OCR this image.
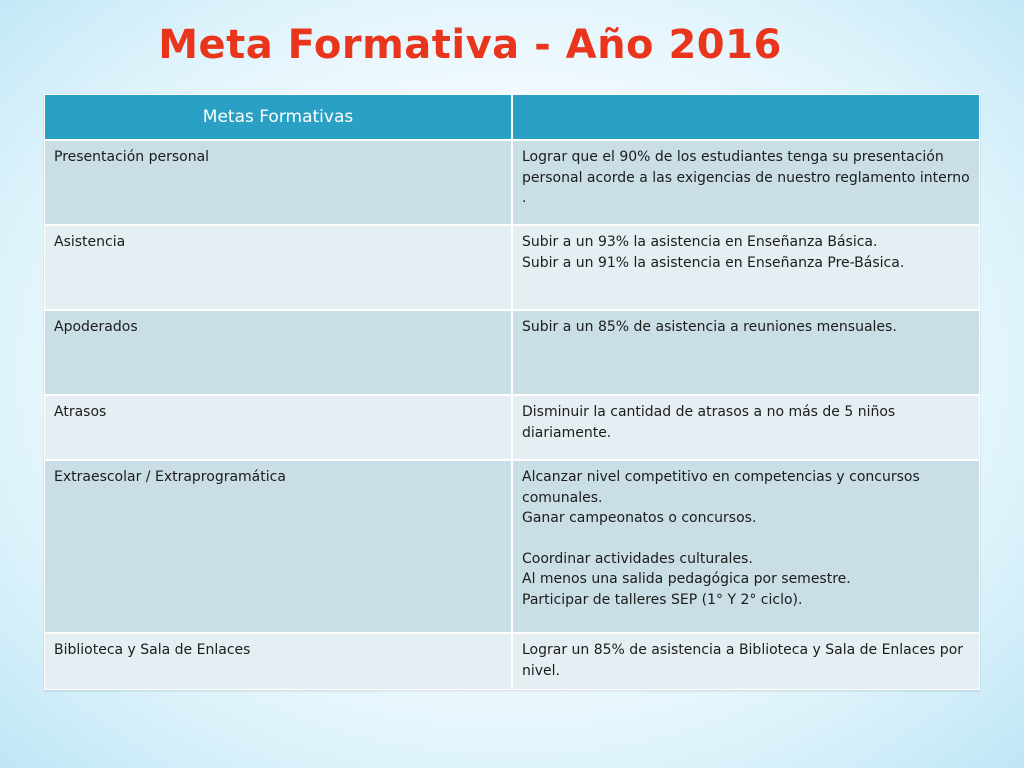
Meta Formativa - Año 2016
Metas Formativas	
Presentación personal	Lograr que el 90% de los estudiantes tenga su presentación personal acorde a las exigencias de nuestro reglamento interno .

Asistencia	Subir a un 93% la asistencia en Enseñanza Básica.
Subir a un 91% la asistencia en Enseñanza Pre-Básica.

Apoderados	Subir a un 85% de asistencia a reuniones mensuales.

Atrasos	Disminuir la cantidad de atrasos a no más de 5 niños diariamente.

Extraescolar / Extraprogramática	Alcanzar nivel competitivo en competencias y concursos comunales.
Ganar campeonatos o concursos.
Coordinar actividades culturales.
Al menos una salida pedagógica por semestre.
Participar de talleres SEP (1° Y 2° ciclo).

Biblioteca y Sala de Enlaces	Lograr un 85% de asistencia a Biblioteca y Sala de Enlaces por nivel.
